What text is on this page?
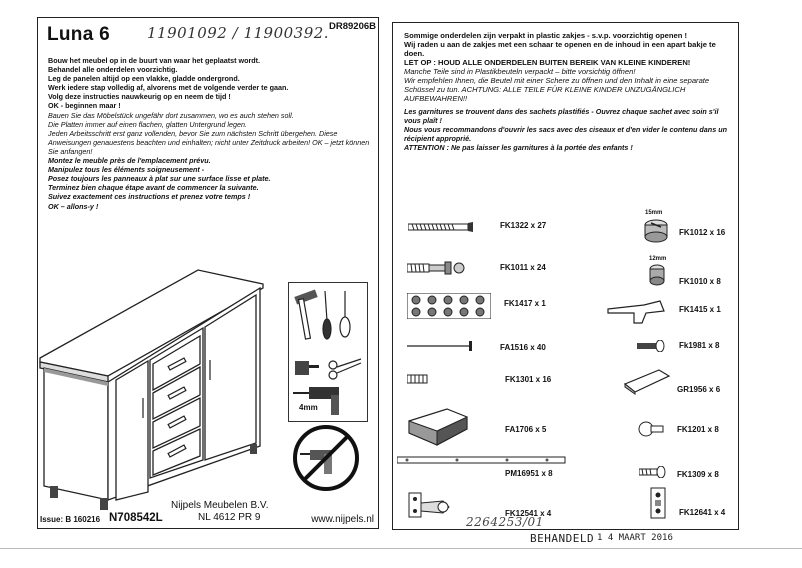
Luna 6 11901092 / 11900392. DR89206B
Bouw het meubel op in de buurt van waar het geplaatst wordt.
Behandel alle onderdelen voorzichtig.
Leg de panelen altijd op een vlakke, gladde ondergrond.
Werk iedere stap volledig af, alvorens met de volgende verder te gaan.
Volg deze instructies nauwkeurig op en neem de tijd !
OK - beginnen maar !
Bauen Sie das Möbelstück ungefähr dort zusammen, wo es auch stehen soll.
Die Platten immer auf einen flachen, glatten Untergrund legen.
Jeden Arbeitsschritt erst ganz vollenden, bevor Sie zum nächsten Schritt übergehen. Diese Anweisungen genauestens beachten und einhalten; nicht unter Zeitdruck arbeiten! OK – jetzt können Sie anfangen!
Montez le meuble près de l'emplacement prévu.
Manipulez tous les éléments soigneusement -
Posez toujours les panneaux à plat sur une surface lisse et plate.
Terminez bien chaque étape avant de commencer la suivante.
Suivez exactement ces instructions et prenez votre temps !
OK – allons-y !
4mm
Nijpels Meubelen B.V.
NL 4612 PR 9	www.nijpels.nl
Issue: B 160216 N708542L
Sommige onderdelen zijn verpakt in plastic zakjes - s.v.p. voorzichtig openen !
Wij raden u aan de zakjes met een schaar te openen en de inhoud in een apart bakje te doen.
LET OP : HOUD ALLE ONDERDELEN BUITEN BEREIK VAN KLEINE KINDEREN!
Manche Teile sind in Plastikbeuteln verpackt – bitte vorsichtig öffnen!
Wir empfehlen Ihnen, die Beutel mit einer Schere zu öffnen und den Inhalt in eine separate Schüssel zu tun. ACHTUNG: ALLE TEILE FÜR KLEINE KINDER UNZUGÄNGLICH AUFBEWAHREN!!
Les garnitures se trouvent dans des sachets plastifiés - Ouvrez chaque sachet avec soin s'il vous plaît !
Nous vous recommandons d'ouvrir les sacs avec des ciseaux et d'en vider le contenu dans un récipient approprié.
ATTENTION : Ne pas laisser les garnitures à la portée des enfants !
FK1322 x 27
15mm
FK1012 x 16
FK1011 x 24
12mm
FK1010 x 8
FK1417 x 1
FK1415 x 1
FA1516 x 40	Fk1981 x 8
FK1301 x 16
GR1956 x 6
FA1706 x 5	FK1201 x 8
PM16951 x 8	FK1309 x 8
FK12541 x 4	FK12641 x 4
2264253/01
BEHANDELD 1 4 MAART 2016
